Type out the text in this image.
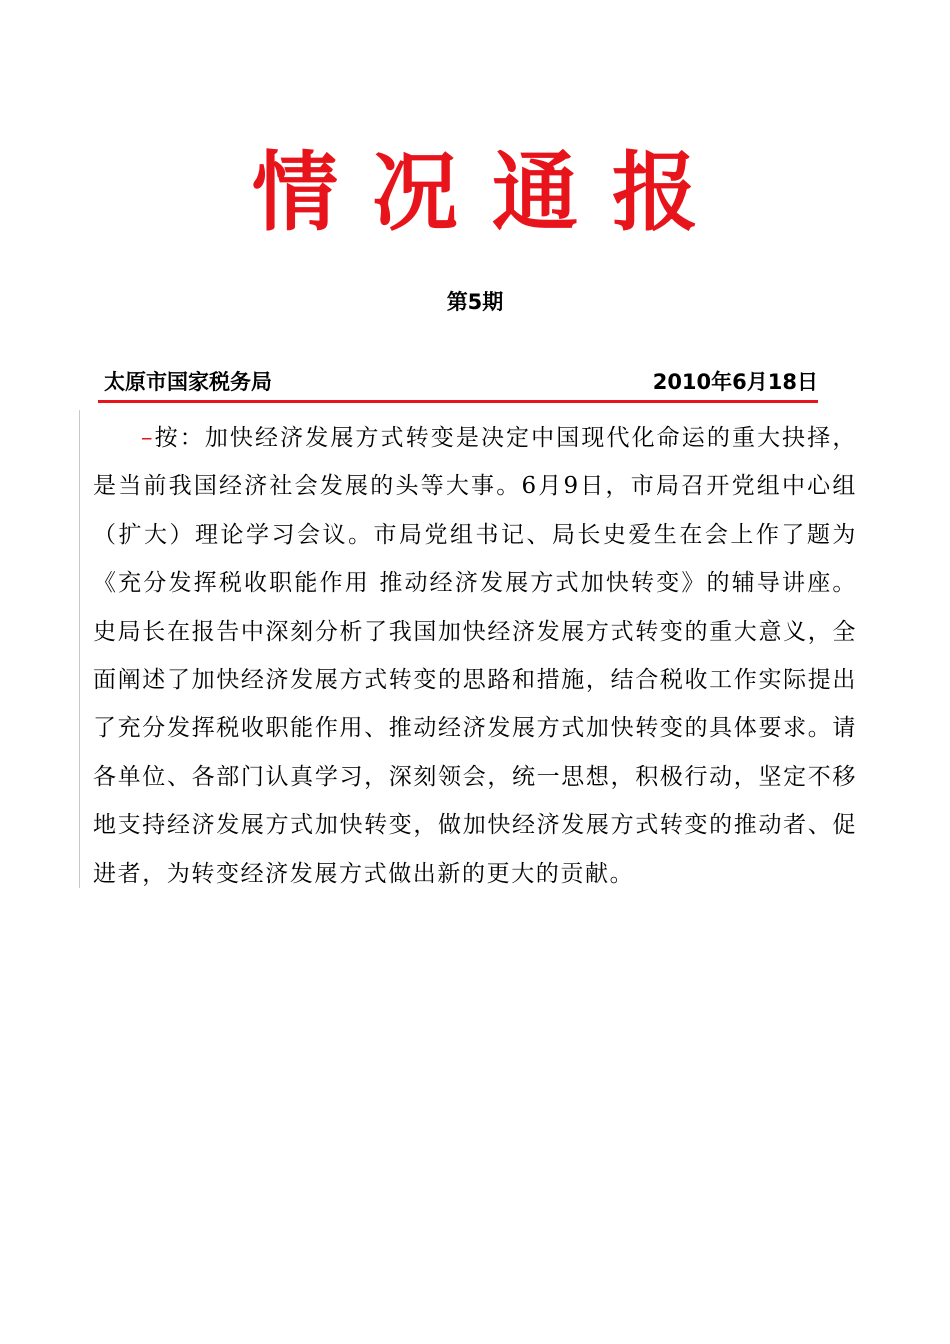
情况通报
第5期
太原市国家税务局	2010年6月18日

–按：加快经济发展方式转变是决定中国现代化命运的重大抉择，是当前我国经济社会发展的头等大事。6月9日，市局召开党组中心组（扩大）理论学习会议。市局党组书记、局长史爱生在会上作了题为《充分发挥税收职能作用 推动经济发展方式加快转变》的辅导讲座。史局长在报告中深刻分析了我国加快经济发展方式转变的重大意义，全面阐述了加快经济发展方式转变的思路和措施，结合税收工作实际提出了充分发挥税收职能作用、推动经济发展方式加快转变的具体要求。请各单位、各部门认真学习，深刻领会，统一思想，积极行动，坚定不移地支持经济发展方式加快转变，做加快经济发展方式转变的推动者、促进者，为转变经济发展方式做出新的更大的贡献。
